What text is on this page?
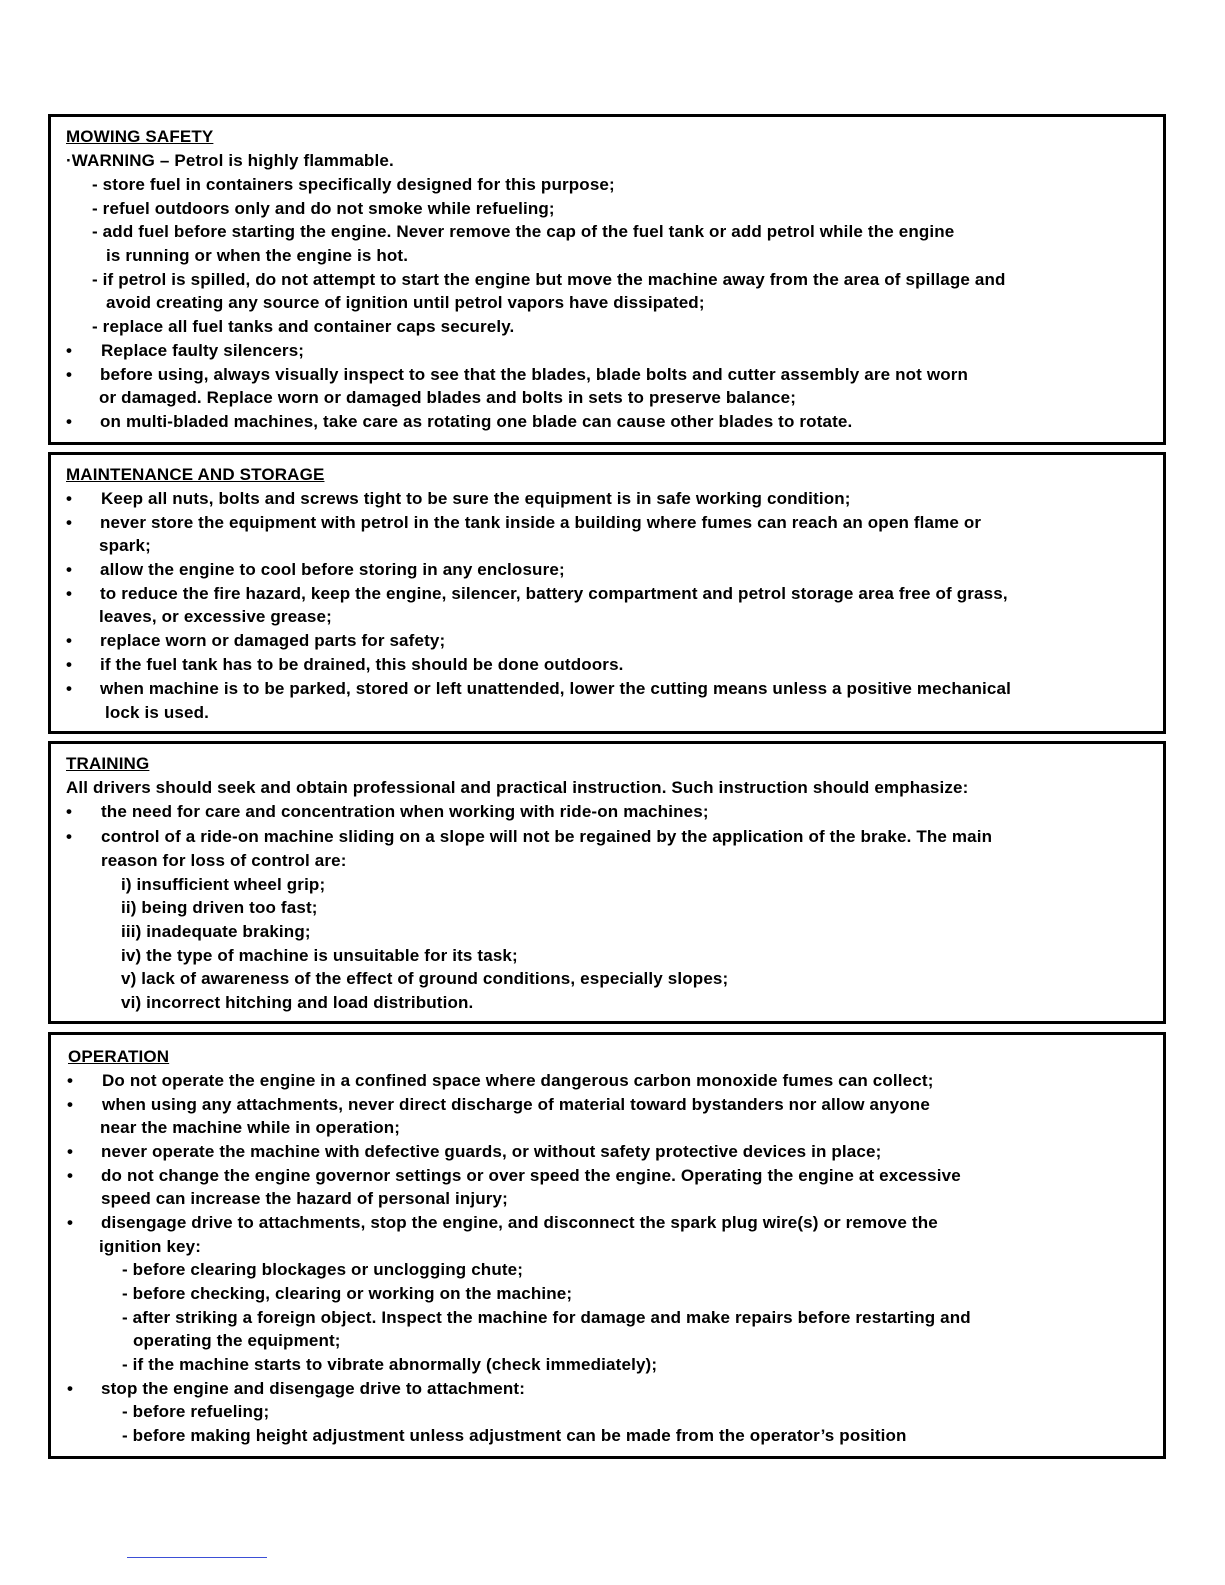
MOWING SAFETY
·WARNING – Petrol is highly flammable.
- store fuel in containers specifically designed for this purpose;
- refuel outdoors only and do not smoke while refueling;
- add fuel before starting the engine. Never remove the cap of the fuel tank or add petrol while the engine
is running or when the engine is hot.
- if petrol is spilled, do not attempt to start the engine but move the machine away from the area of spillage and
avoid creating any source of ignition until petrol vapors have dissipated;
- replace all fuel tanks and container caps securely.
• Replace faulty silencers;
• before using, always visually inspect to see that the blades, blade bolts and cutter assembly are not worn
or damaged. Replace worn or damaged blades and bolts in sets to preserve balance;
• on multi-bladed machines, take care as rotating one blade can cause other blades to rotate.
MAINTENANCE AND STORAGE
• Keep all nuts, bolts and screws tight to be sure the equipment is in safe working condition;
• never store the equipment with petrol in the tank inside a building where fumes can reach an open flame or
spark;
• allow the engine to cool before storing in any enclosure;
• to reduce the fire hazard, keep the engine, silencer, battery compartment and petrol storage area free of grass,
leaves, or excessive grease;
• replace worn or damaged parts for safety;
• if the fuel tank has to be drained, this should be done outdoors.
• when machine is to be parked, stored or left unattended, lower the cutting means unless a positive mechanical
lock is used.
TRAINING
All drivers should seek and obtain professional and practical instruction. Such instruction should emphasize:
• the need for care and concentration when working with ride-on machines;
• control of a ride-on machine sliding on a slope will not be regained by the application of the brake. The main
reason for loss of control are:
i) insufficient wheel grip;
ii) being driven too fast;
iii) inadequate braking;
iv) the type of machine is unsuitable for its task;
v) lack of awareness of the effect of ground conditions, especially slopes;
vi) incorrect hitching and load distribution.
OPERATION
• Do not operate the engine in a confined space where dangerous carbon monoxide fumes can collect;
• when using any attachments, never direct discharge of material toward bystanders nor allow anyone
near the machine while in operation;
• never operate the machine with defective guards, or without safety protective devices in place;
• do not change the engine governor settings or over speed the engine. Operating the engine at excessive
speed can increase the hazard of personal injury;
• disengage drive to attachments, stop the engine, and disconnect the spark plug wire(s) or remove the
ignition key:
- before clearing blockages or unclogging chute;
- before checking, clearing or working on the machine;
- after striking a foreign object. Inspect the machine for damage and make repairs before restarting and
operating the equipment;
- if the machine starts to vibrate abnormally (check immediately);
• stop the engine and disengage drive to attachment:
- before refueling;
- before making height adjustment unless adjustment can be made from the operator’s position
